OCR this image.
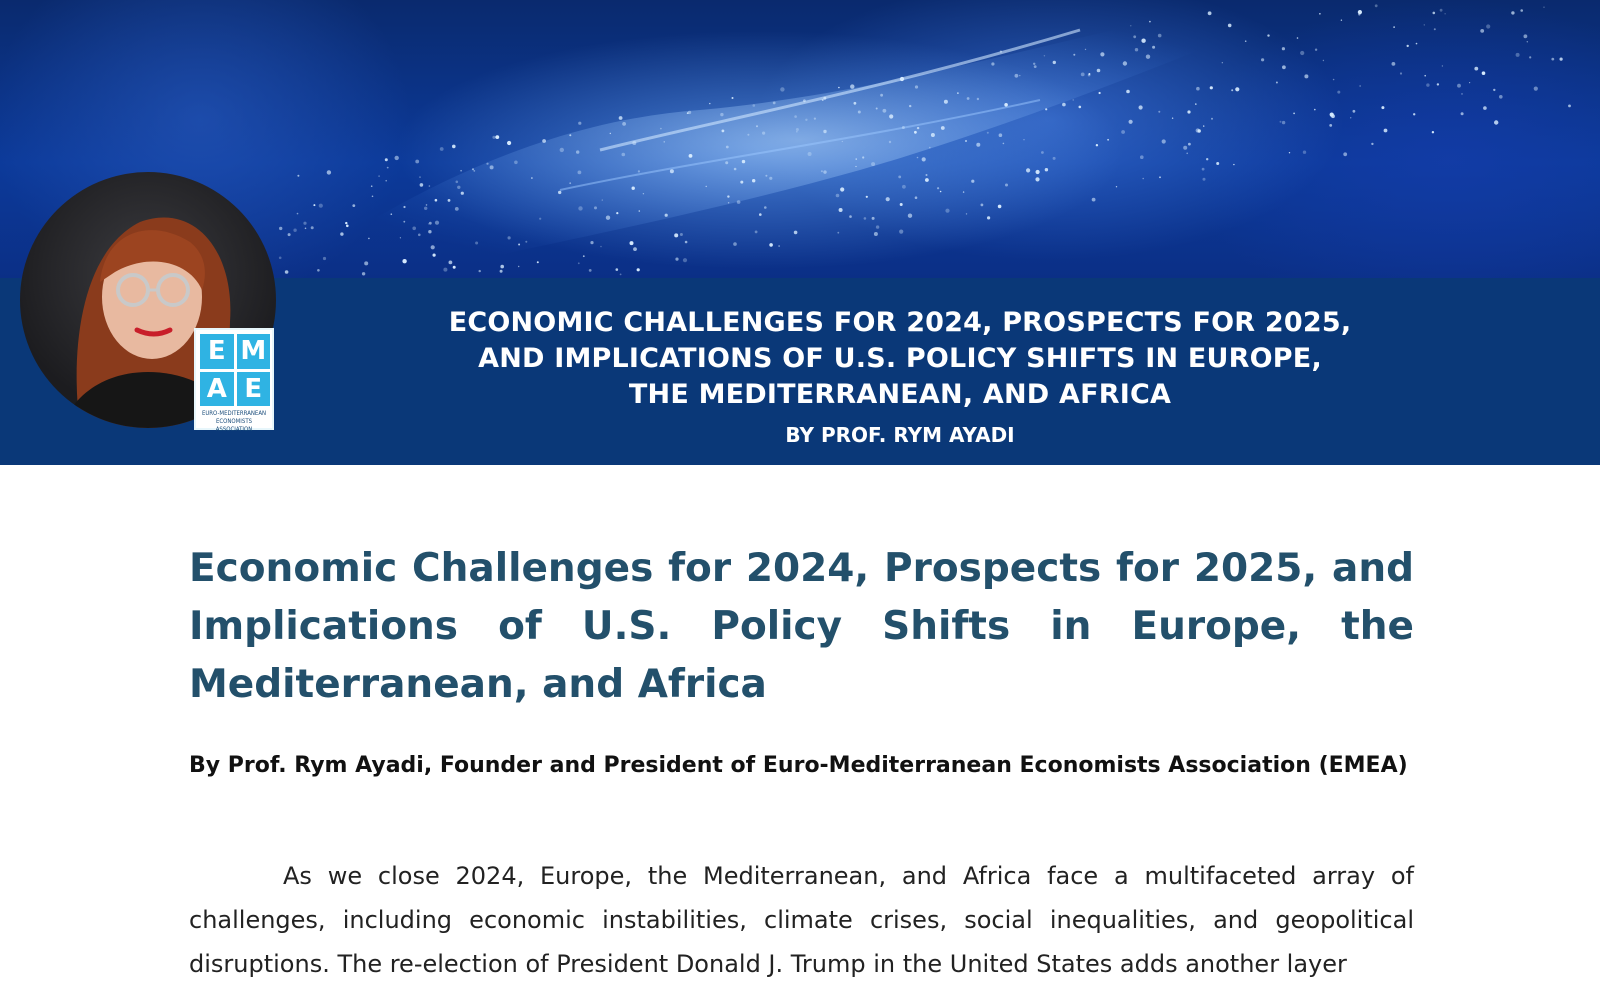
ECONOMIC CHALLENGES FOR 2024, PROSPECTS FOR 2025,
AND IMPLICATIONS OF U.S. POLICY SHIFTS IN EUROPE,
THE MEDITERRANEAN, AND AFRICA
BY PROF. RYM AYADI
E M
A E
EURO-MEDITERRANEAN ECONOMISTS ASSOCIATION
Economic Challenges for 2024, Prospects for 2025, and Implications of U.S. Policy Shifts in Europe, the Mediterranean, and Africa

By Prof. Rym Ayadi, Founder and President of Euro-Mediterranean Economists Association (EMEA)

As we close 2024, Europe, the Mediterranean, and Africa face a multifaceted array of challenges, including economic instabilities, climate crises, social inequalities, and geopolitical disruptions. The re-election of President Donald J. Trump in the United States adds another layer
